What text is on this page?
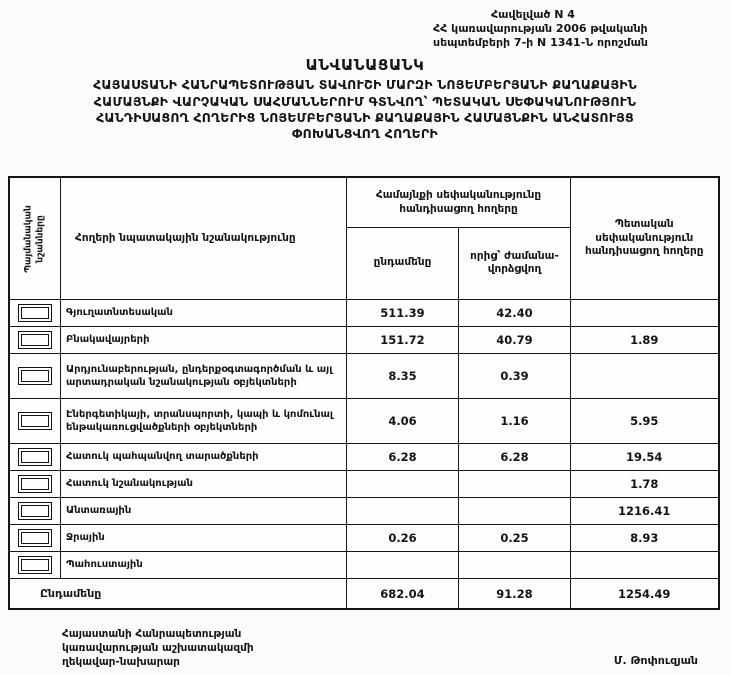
Հավելված N 4
ՀՀ կառավարության 2006 թվականի
սեպտեմբերի 7-ի N 1341-Ն որոշման
ԱՆՎԱՆԱՑԱՆԿ
ՀԱՅԱՍՏԱՆԻ ՀԱՆՐԱՊԵՏՈՒԹՅԱՆ ՏԱՎՈՒՇԻ ՄԱՐԶԻ ՆՈՅԵՄԲԵՐՅԱՆԻ ՔԱՂԱՔԱՅԻՆ
ՀԱՄԱՅՆՔԻ ՎԱՐՉԱԿԱՆ ՍԱՀՄԱՆՆԵՐՈՒՄ ԳՏՆՎՈՂ՝ ՊԵՏԱԿԱՆ ՍԵՓԱԿԱՆՈՒԹՅՈՒՆ
ՀԱՆԴԻՍԱՑՈՂ ՀՈՂԵՐԻՑ ՆՈՅԵՄԲԵՐՅԱՆԻ ՔԱՂԱՔԱՅԻՆ ՀԱՄԱՅՆՔԻՆ ԱՆՀԱՏՈՒՅՑ
ՓՈԽԱՆՑՎՈՂ ՀՈՂԵՐԻ
Պայմանական նշանները	Հողերի նպատակային նշանակությունը	Համայնքի սեփականությունը հանդիսացող հողերը		Պետական սեփականություն հանդիսացող հողերը
		ընդամենը	որից՝ ժամանա-վորձցվող	

	Գյուղատնտեսական	511.39	42.40	

	Բնակավայրերի	151.72	40.79	1.89

	Արդյունաբերության, ընդերքօգտագործման և այլ արտադրական նշանակության օբյեկտների	8.35	0.39	

	Էներգետիկայի, տրանսպորտի, կապի և կոմունալ ենթակառուցվածքների օբյեկտների	4.06	1.16	5.95

	Հատուկ պահպանվող տարածքների	6.28	6.28	19.54

	Հատուկ նշանակության			1.78

	Անտառային			1216.41

	Ջրային	0.26	0.25	8.93

	Պահուստային			
Ընդամենը		682.04	91.28	1254.49
Հայաստանի Հանրապետության
կառավարության աշխատակազմի
ղեկավար-նախարար	Մ. Թոփուզյան
